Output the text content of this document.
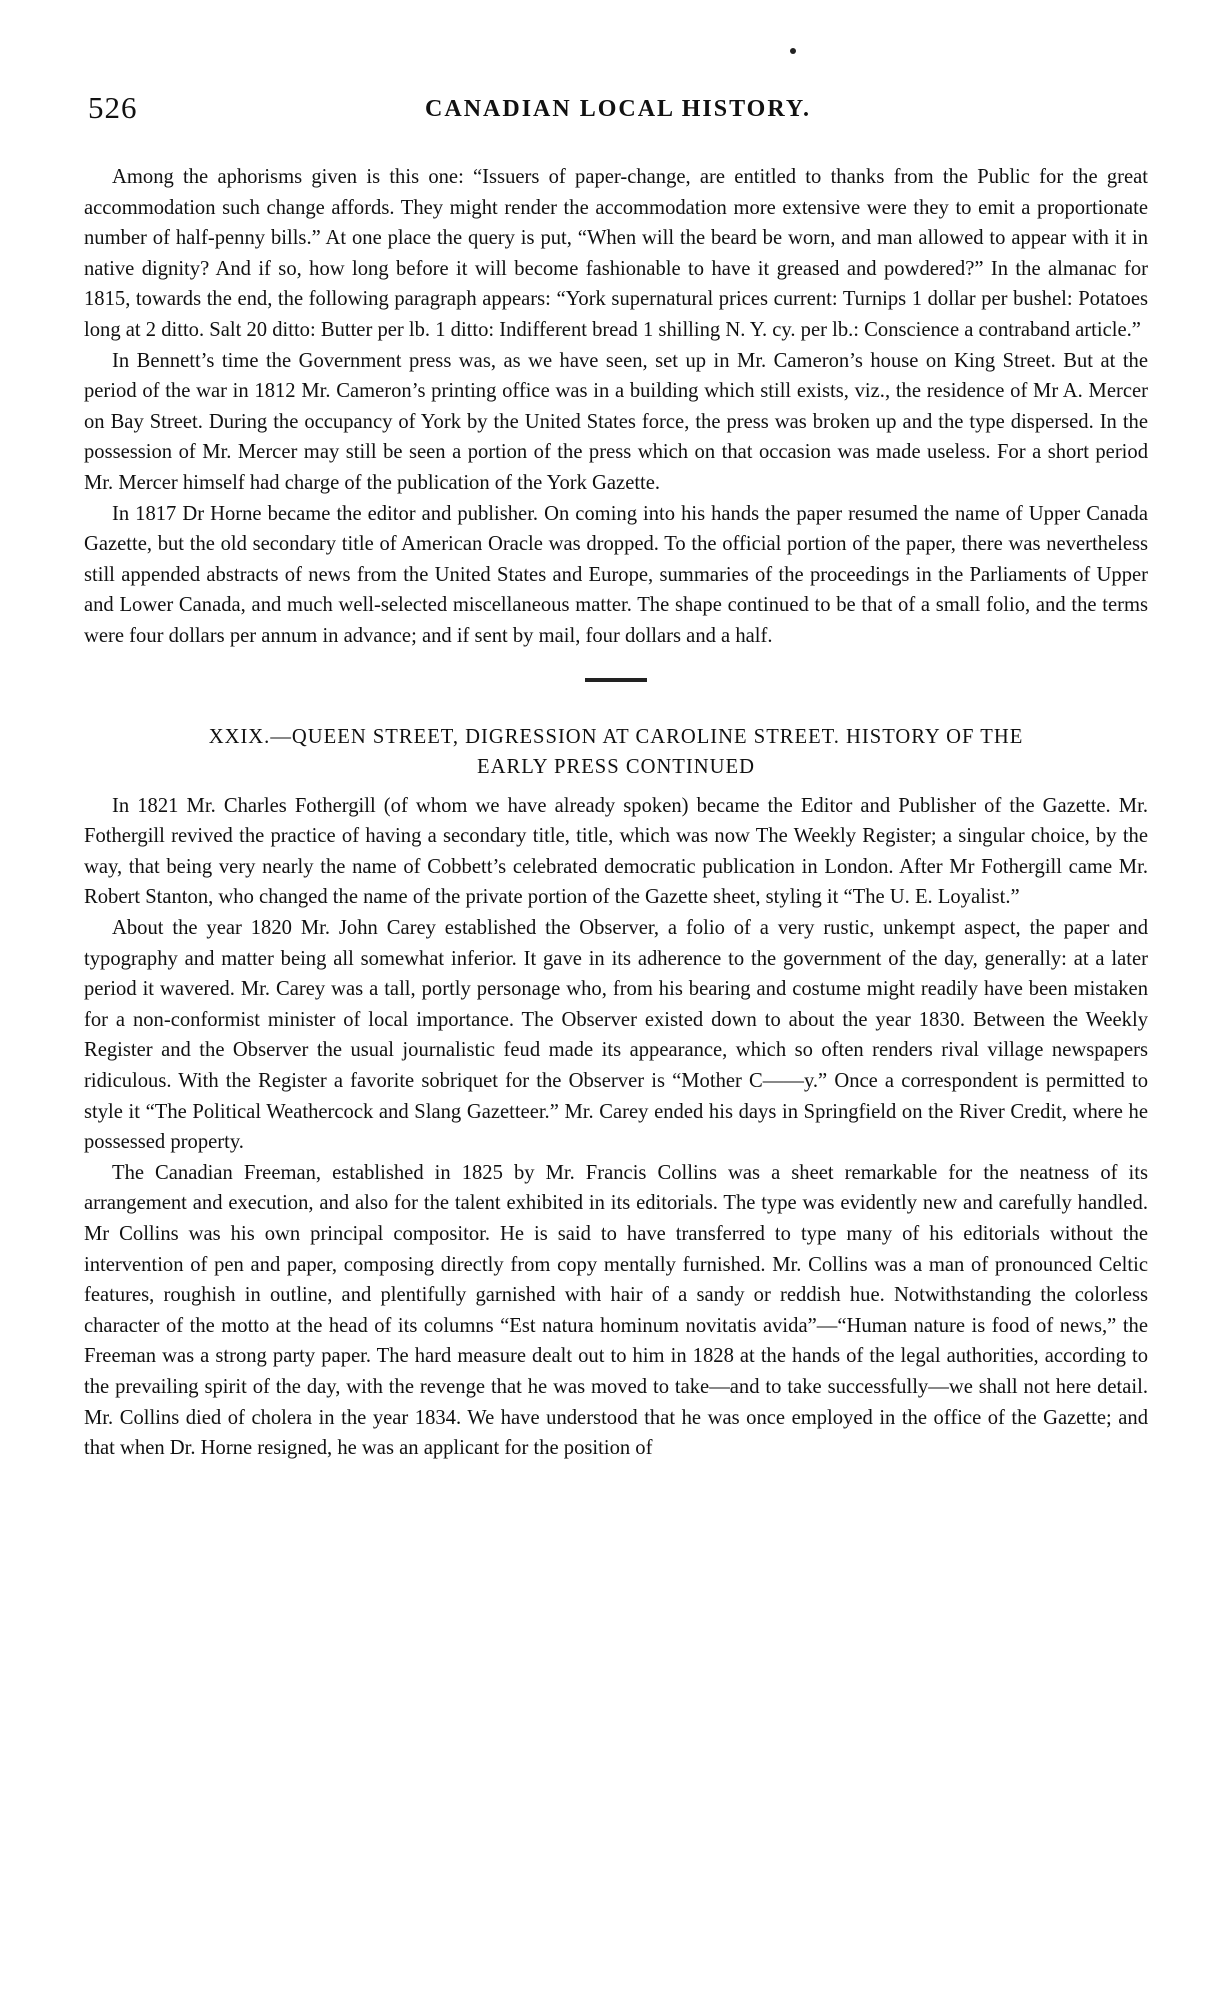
526	CANADIAN LOCAL HISTORY.

Among the aphorisms given is this one: “Issuers of paper-change, are entitled to thanks from the Public for the great accommodation such change affords. They might render the accommodation more extensive were they to emit a proportionate number of half-penny bills.” At one place the query is put, “When will the beard be worn, and man allowed to appear with it in native dignity? And if so, how long before it will become fashionable to have it greased and powdered?” In the almanac for 1815, towards the end, the following paragraph appears: “York supernatural prices current: Turnips 1 dollar per bushel: Potatoes long at 2 ditto. Salt 20 ditto: Butter per lb. 1 ditto: Indifferent bread 1 shilling N. Y. cy. per lb.: Conscience a contraband article.”

In Bennett’s time the Government press was, as we have seen, set up in Mr. Cameron’s house on King Street. But at the period of the war in 1812 Mr. Cameron’s printing office was in a building which still exists, viz., the residence of Mr A. Mercer on Bay Street. During the occupancy of York by the United States force, the press was broken up and the type dispersed. In the possession of Mr. Mercer may still be seen a portion of the press which on that occasion was made useless. For a short period Mr. Mercer himself had charge of the publication of the York Gazette.

In 1817 Dr Horne became the editor and publisher. On coming into his hands the paper resumed the name of Upper Canada Gazette, but the old secondary title of American Oracle was dropped. To the official portion of the paper, there was nevertheless still appended abstracts of news from the United States and Europe, summaries of the proceedings in the Parliaments of Upper and Lower Canada, and much well-selected miscellaneous matter. The shape continued to be that of a small folio, and the terms were four dollars per annum in advance; and if sent by mail, four dollars and a half.

XXIX.—QUEEN STREET, DIGRESSION AT CAROLINE STREET. HISTORY OF THE
EARLY PRESS CONTINUED

In 1821 Mr. Charles Fothergill (of whom we have already spoken) became the Editor and Publisher of the Gazette. Mr. Fothergill revived the practice of having a secondary title, title, which was now The Weekly Register; a singular choice, by the way, that being very nearly the name of Cobbett’s celebrated democratic publication in London. After Mr Fothergill came Mr. Robert Stanton, who changed the name of the private portion of the Gazette sheet, styling it “The U. E. Loyalist.”

About the year 1820 Mr. John Carey established the Observer, a folio of a very rustic, unkempt aspect, the paper and typography and matter being all somewhat inferior. It gave in its adherence to the government of the day, generally: at a later period it wavered. Mr. Carey was a tall, portly personage who, from his bearing and costume might readily have been mistaken for a non-conformist minister of local importance. The Observer existed down to about the year 1830. Between the Weekly Register and the Observer the usual journalistic feud made its appearance, which so often renders rival village newspapers ridiculous. With the Register a favorite sobriquet for the Observer is “Mother C——y.” Once a correspondent is permitted to style it “The Political Weathercock and Slang Gazetteer.” Mr. Carey ended his days in Springfield on the River Credit, where he possessed property.

The Canadian Freeman, established in 1825 by Mr. Francis Collins was a sheet remarkable for the neatness of its arrangement and execution, and also for the talent exhibited in its editorials. The type was evidently new and carefully handled. Mr Collins was his own principal compositor. He is said to have transferred to type many of his editorials without the intervention of pen and paper, composing directly from copy mentally furnished. Mr. Collins was a man of pronounced Celtic features, roughish in outline, and plentifully garnished with hair of a sandy or reddish hue. Notwithstanding the colorless character of the motto at the head of its columns “Est natura hominum novitatis avida”—“Human nature is food of news,” the Freeman was a strong party paper. The hard measure dealt out to him in 1828 at the hands of the legal authorities, according to the prevailing spirit of the day, with the revenge that he was moved to take—and to take successfully—we shall not here detail. Mr. Collins died of cholera in the year 1834. We have understood that he was once employed in the office of the Gazette; and that when Dr. Horne resigned, he was an applicant for the position of
